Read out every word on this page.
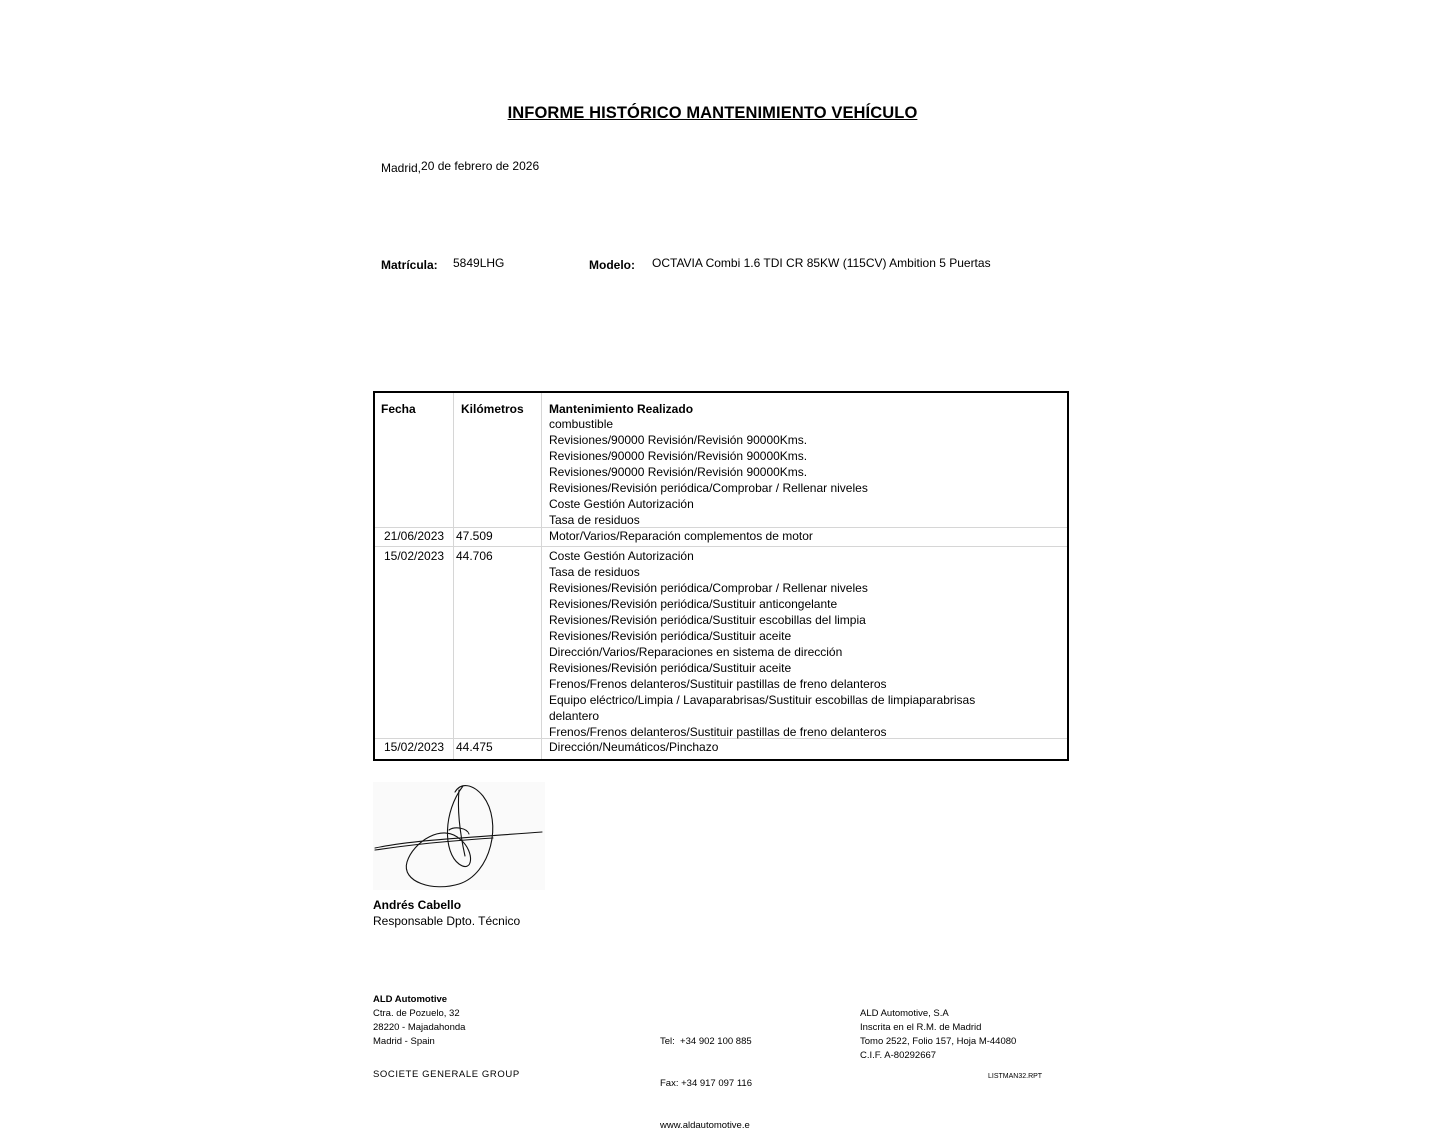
INFORME HISTÓRICO MANTENIMIENTO VEHÍCULO
Madrid,20 de febrero de 2026
Matrícula: 5849LHG	Modelo: OCTAVIA Combi 1.6 TDI CR 85KW (115CV) Ambition 5 Puertas
Fecha	Kilómetros Mantenimiento Realizado
combustible
Revisiones/90000 Revisión/Revisión 90000Kms.
Revisiones/90000 Revisión/Revisión 90000Kms.
Revisiones/90000 Revisión/Revisión 90000Kms.
Revisiones/Revisión periódica/Comprobar / Rellenar niveles
Coste Gestión Autorización
Tasa de residuos
21/06/2023 47.509	Motor/Varios/Reparación complementos de motor
15/02/2023 44.706	Coste Gestión Autorización
Tasa de residuos
Revisiones/Revisión periódica/Comprobar / Rellenar niveles
Revisiones/Revisión periódica/Sustituir anticongelante
Revisiones/Revisión periódica/Sustituir escobillas del limpia
Revisiones/Revisión periódica/Sustituir aceite
Dirección/Varios/Reparaciones en sistema de dirección
Revisiones/Revisión periódica/Sustituir aceite
Frenos/Frenos delanteros/Sustituir pastillas de freno delanteros
Equipo eléctrico/Limpia / Lavaparabrisas/Sustituir escobillas de limpiaparabrisas
delantero
Frenos/Frenos delanteros/Sustituir pastillas de freno delanteros
15/02/2023 44.475	Dirección/Neumáticos/Pinchazo
Andrés Cabello
Responsable Dpto. Técnico
ALD Automotive
Ctra. de Pozuelo, 32
28220 - Majadahonda
Madrid - Spain

	Tel:  +34 902 100 885

Fax: +34 917 097 116

www.aldautomotive.e

ALD Automotive, S.A
Inscrita en el R.M. de Madrid
Tomo 2522, Folio 157, Hoja M-44080
C.I.F. A-80292667
SOCIETE GENERALE GROUP	LISTMAN32.RPT
